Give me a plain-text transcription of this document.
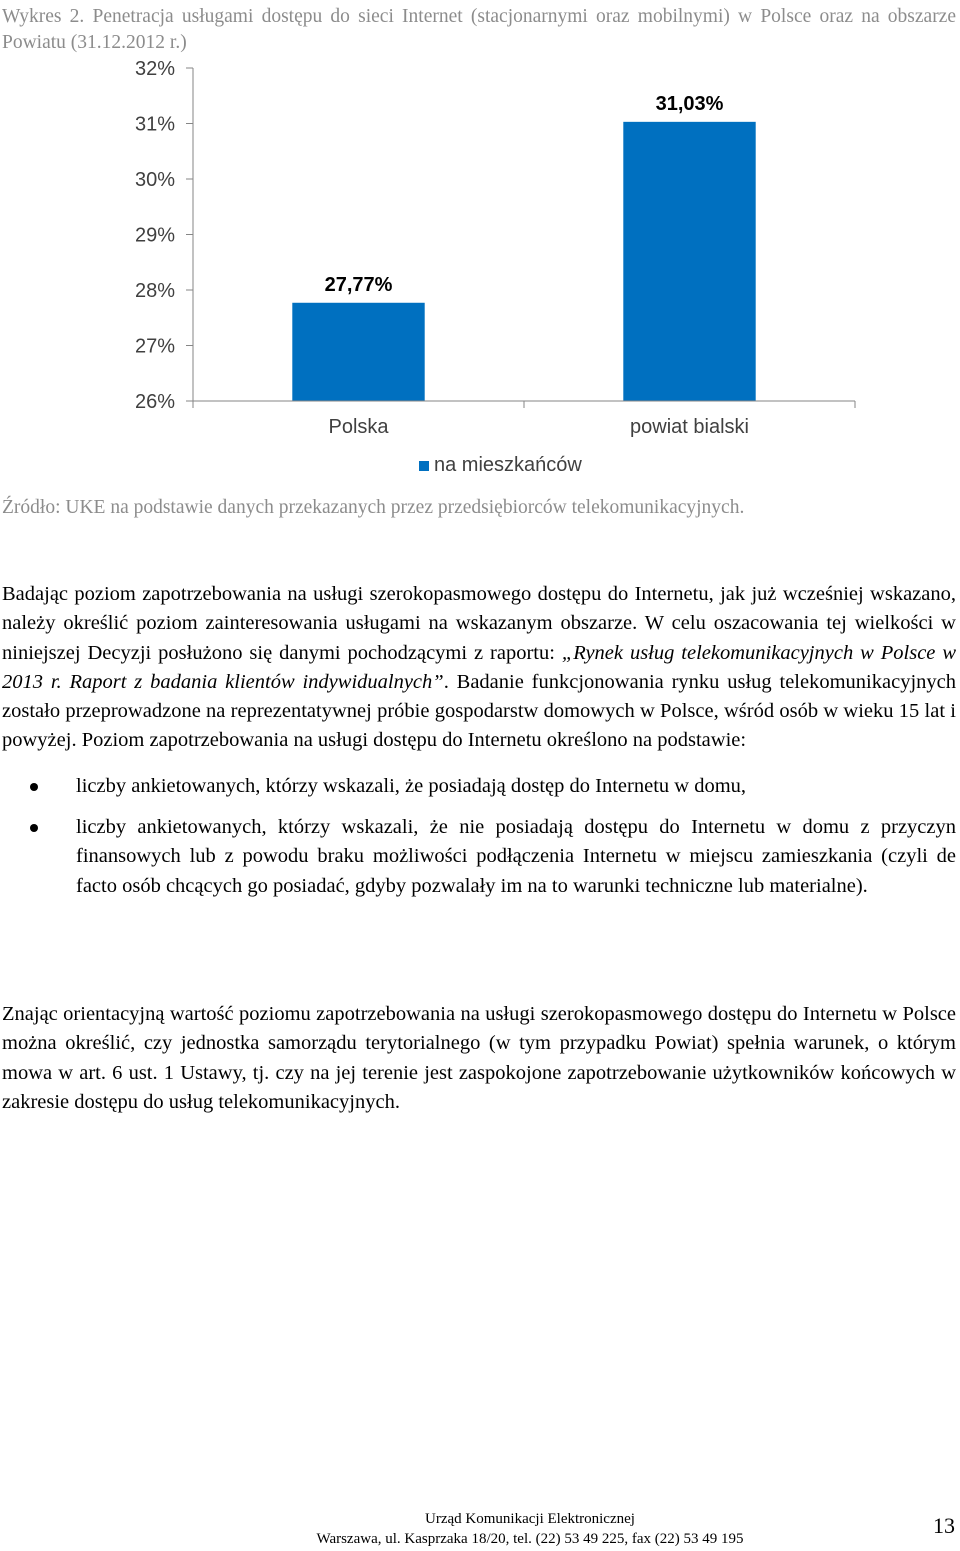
Wykres 2. Penetracja usługami dostępu do sieci Internet (stacjonarnymi oraz mobilnymi) w Polsce oraz na obszarze Powiatu (31.12.2012 r.)
26%
27%
28%
29%
30%
31%
32%
27,77%
31,03%
Polska	powiat bialski
na mieszkańców
Źródło: UKE na podstawie danych przekazanych przez przedsiębiorców telekomunikacyjnych.

Badając poziom zapotrzebowania na usługi szerokopasmowego dostępu do Internetu, jak już wcześniej wskazano, należy określić poziom zainteresowania usługami na wskazanym obszarze. W celu oszacowania tej wielkości w niniejszej Decyzji posłużono się danymi pochodzącymi z raportu: „Rynek usług telekomunikacyjnych w Polsce w 2013 r. Raport z badania klientów indywidualnych”. Badanie funkcjonowania rynku usług telekomunikacyjnych zostało przeprowadzone na reprezentatywnej próbie gospodarstw domowych w Polsce, wśród osób w wieku 15 lat i powyżej. Poziom zapotrzebowania na usługi dostępu do Internetu określono na podstawie:

liczby ankietowanych, którzy wskazali, że posiadają dostęp do Internetu w domu,
liczby ankietowanych, którzy wskazali, że nie posiadają dostępu do Internetu w domu z przyczyn finansowych lub z powodu braku możliwości podłączenia Internetu w miejscu zamieszkania (czyli de facto osób chcących go posiadać, gdyby pozwalały im na to warunki techniczne lub materialne).

Znając orientacyjną wartość poziomu zapotrzebowania na usługi szerokopasmowego dostępu do Internetu w Polsce można określić, czy jednostka samorządu terytorialnego (w tym przypadku Powiat) spełnia warunek, o którym mowa w art. 6 ust. 1 Ustawy, tj. czy na jej terenie jest zaspokojone zapotrzebowanie użytkowników końcowych w zakresie dostępu do usług telekomunikacyjnych.

Urząd Komunikacji Elektronicznej
Warszawa, ul. Kasprzaka 18/20, tel. (22) 53 49 225, fax (22) 53 49 195
13
